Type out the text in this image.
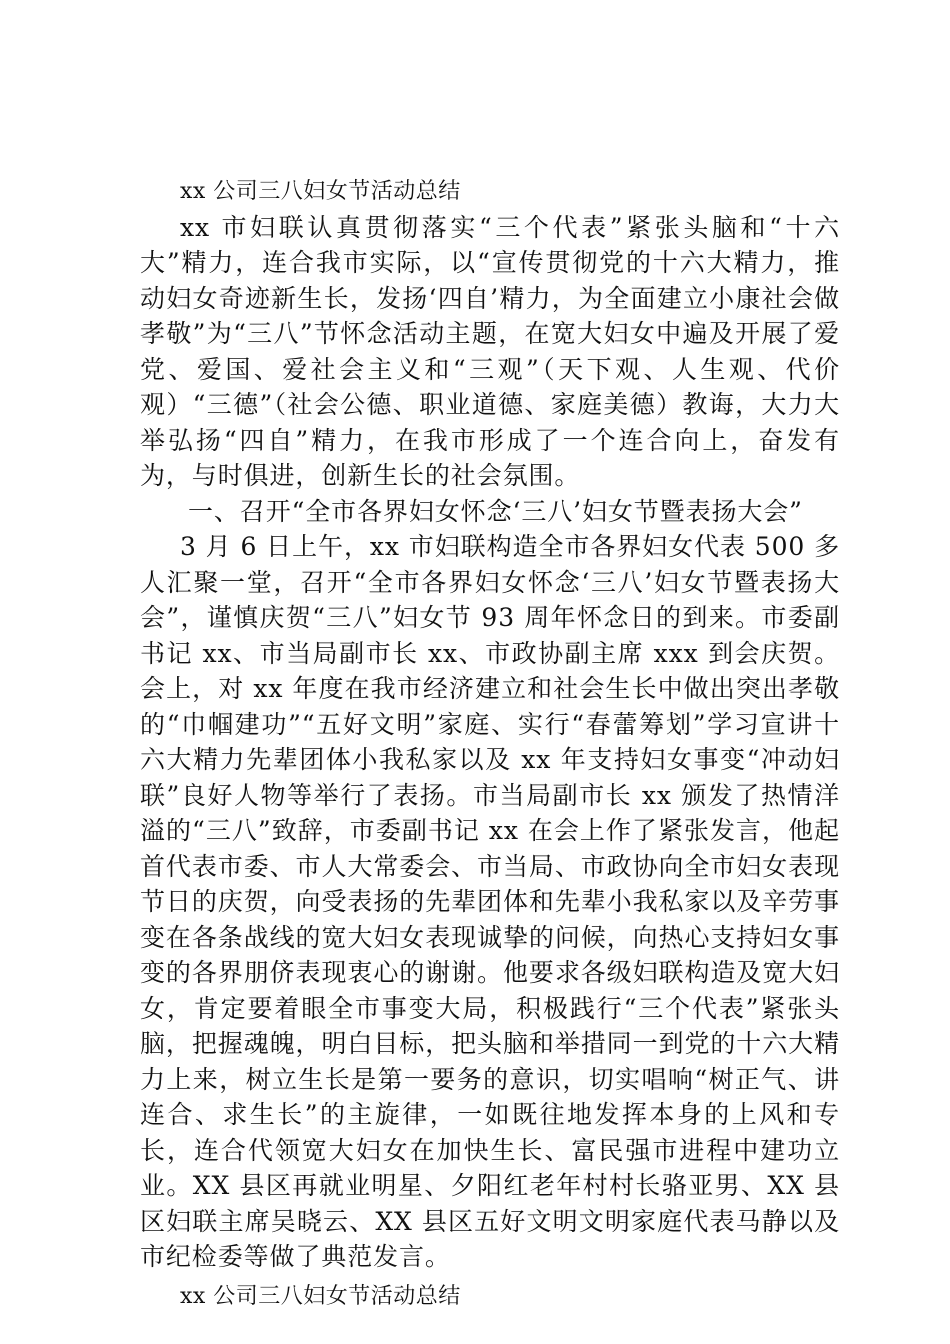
xx 公司三八妇女节活动总结

xx 市妇联认真贯彻落实“三个代表”紧张头脑和“十六大”精力，连合我市实际，以“宣传贯彻党的十六大精力，推动妇女奇迹新生长，发扬‘四自’精力，为全面建立小康社会做孝敬”为“三八”节怀念活动主题，在宽大妇女中遍及开展了爱党、爱国、爱社会主义和“三观”（天下观、人生观、代价观）“三德”（社会公德、职业道德、家庭美德）教诲，大力大举弘扬“四自”精力，在我市形成了一个连合向上，奋发有为，与时俱进，创新生长的社会氛围。

一、召开“全市各界妇女怀念‘三八’妇女节暨表扬大会”

3 月 6 日上午，xx 市妇联构造全市各界妇女代表 500 多人汇聚一堂，召开“全市各界妇女怀念‘三八’妇女节暨表扬大会”，谨慎庆贺“三八”妇女节 93 周年怀念日的到来。市委副书记 xx、市当局副市长 xx、市政协副主席 xxx 到会庆贺。会上，对 xx 年度在我市经济建立和社会生长中做出突出孝敬的“巾帼建功”“五好文明”家庭、实行“春蕾筹划”学习宣讲十六大精力先辈团体小我私家以及 xx 年支持妇女事变“冲动妇联”良好人物等举行了表扬。市当局副市长 xx 颁发了热情洋溢的“三八”致辞，市委副书记 xx 在会上作了紧张发言，他起首代表市委、市人大常委会、市当局、市政协向全市妇女表现节日的庆贺，向受表扬的先辈团体和先辈小我私家以及辛劳事变在各条战线的宽大妇女表现诚挚的问候，向热心支持妇女事变的各界朋侪表现衷心的谢谢。他要求各级妇联构造及宽大妇女，肯定要着眼全市事变大局，积极践行“三个代表”紧张头脑，把握魂魄，明白目标，把头脑和举措同一到党的十六大精力上来，树立生长是第一要务的意识，切实唱响“树正气、讲连合、求生长”的主旋律，一如既往地发挥本身的上风和专长，连合代领宽大妇女在加快生长、富民强市进程中建功立业。XX 县区再就业明星、夕阳红老年村村长骆亚男、XX 县区妇联主席吴晓云、XX 县区五好文明文明家庭代表马静以及市纪检委等做了典范发言。

xx 公司三八妇女节活动总结
